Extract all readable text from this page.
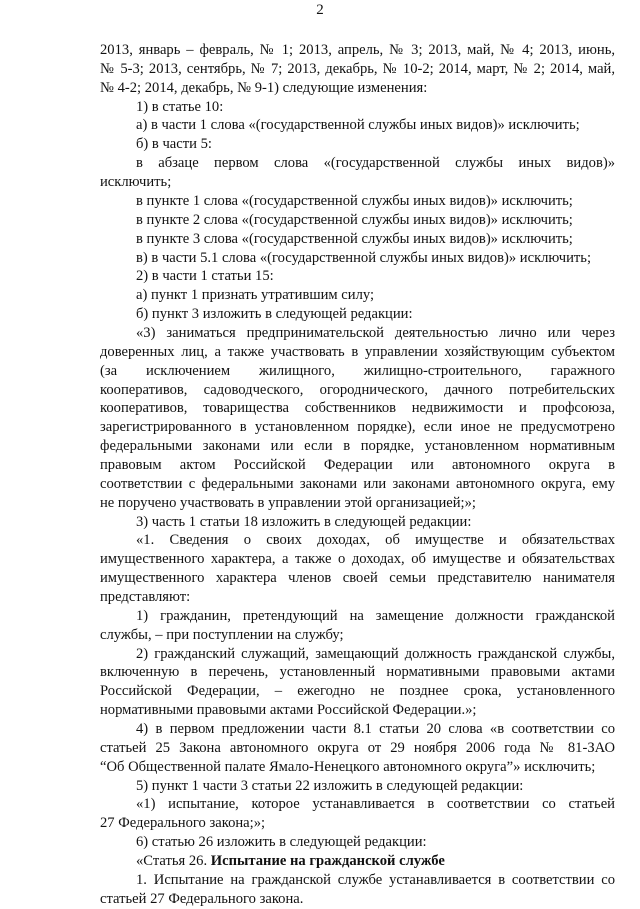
2
2013, январь – февраль, № 1; 2013, апрель, № 3; 2013, май, № 4; 2013, июнь,
№ 5-3; 2013, сентябрь, № 7; 2013, декабрь, № 10-2; 2014, март, № 2; 2014, май,
№ 4-2; 2014, декабрь, № 9-1) следующие изменения:
1) в статье 10:
а) в части 1 слова «(государственной службы иных видов)» исключить;
б) в части 5:
в абзаце первом слова «(государственной службы иных видов)»
исключить;
в пункте 1 слова «(государственной службы иных видов)» исключить;
в пункте 2 слова «(государственной службы иных видов)» исключить;
в пункте 3 слова «(государственной службы иных видов)» исключить;
в) в части 5.1 слова «(государственной службы иных видов)» исключить;
2) в части 1 статьи 15:
а) пункт 1 признать утратившим силу;
б) пункт 3 изложить в следующей редакции:
«3) заниматься предпринимательской деятельностью лично или через
доверенных лиц, а также участвовать в управлении хозяйствующим субъектом
(за исключением жилищного, жилищно-строительного, гаражного
кооперативов, садоводческого, огороднического, дачного потребительских
кооперативов, товарищества собственников недвижимости и профсоюза,
зарегистрированного в установленном порядке), если иное не предусмотрено
федеральными законами или если в порядке, установленном нормативным
правовым актом Российской Федерации или автономного округа в
соответствии с федеральными законами или законами автономного округа, ему
не поручено участвовать в управлении этой организацией;»;
3) часть 1 статьи 18 изложить в следующей редакции:
«1. Сведения о своих доходах, об имуществе и обязательствах
имущественного характера, а также о доходах, об имуществе и обязательствах
имущественного характера членов своей семьи представителю нанимателя
представляют:
1) гражданин, претендующий на замещение должности гражданской
службы, – при поступлении на службу;
2) гражданский служащий, замещающий должность гражданской службы,
включенную в перечень, установленный нормативными правовыми актами
Российской Федерации, – ежегодно не позднее срока, установленного
нормативными правовыми актами Российской Федерации.»;
4) в первом предложении части 8.1 статьи 20 слова «в соответствии со
статьей 25 Закона автономного округа от 29 ноября 2006 года № 81-ЗАО
“Об Общественной палате Ямало-Ненецкого автономного округа”» исключить;
5) пункт 1 части 3 статьи 22 изложить в следующей редакции:
«1) испытание, которое устанавливается в соответствии со статьей
27 Федерального закона;»;
6) статью 26 изложить в следующей редакции:
«Статья 26. Испытание на гражданской службе
1. Испытание на гражданской службе устанавливается в соответствии со
статьей 27 Федерального закона.
